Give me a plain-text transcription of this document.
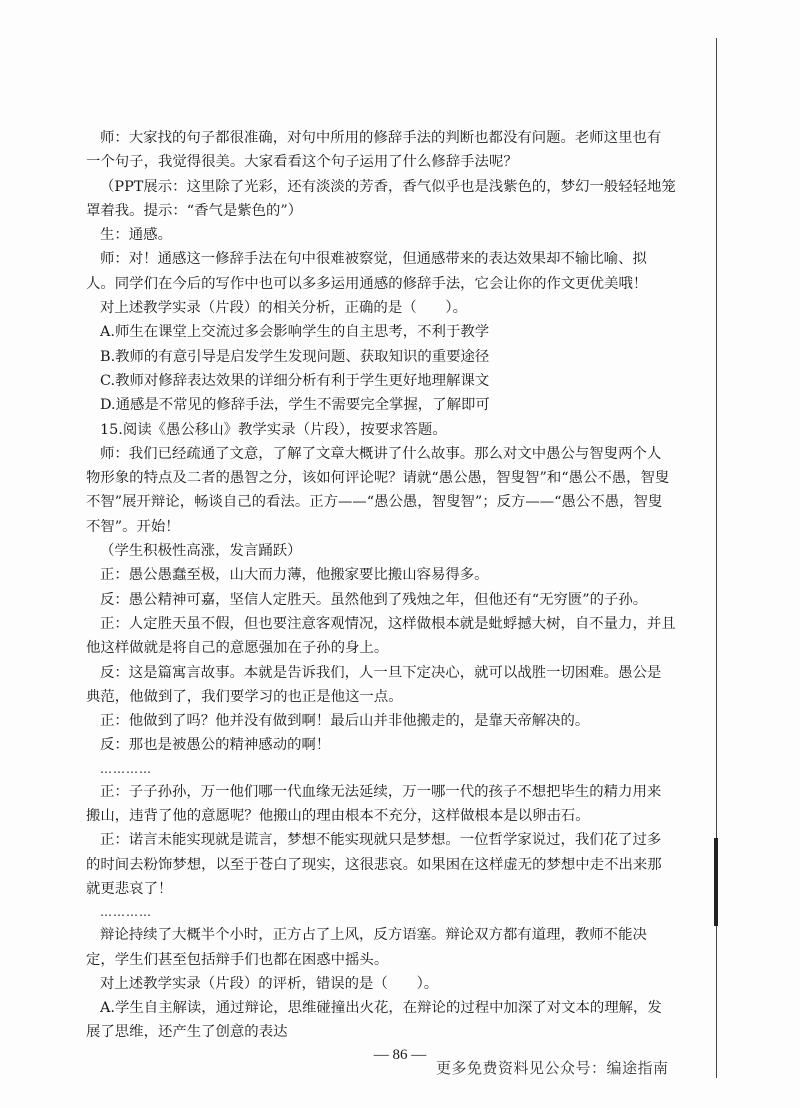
师：大家找的句子都很准确，对句中所用的修辞手法的判断也都没有问题。老师这里也有
一个句子，我觉得很美。大家看看这个句子运用了什么修辞手法呢？
（PPT展示：这里除了光彩，还有淡淡的芳香，香气似乎也是浅紫色的，梦幻一般轻轻地笼
罩着我。提示：“香气是紫色的”）
生：通感。
师：对！通感这一修辞手法在句中很难被察觉，但通感带来的表达效果却不输比喻、拟
人。同学们在今后的写作中也可以多多运用通感的修辞手法，它会让你的作文更优美哦！
对上述教学实录（片段）的相关分析，正确的是（　　）。
A.师生在课堂上交流过多会影响学生的自主思考，不利于教学
B.教师的有意引导是启发学生发现问题、获取知识的重要途径
C.教师对修辞表达效果的详细分析有利于学生更好地理解课文
D.通感是不常见的修辞手法，学生不需要完全掌握，了解即可
15.阅读《愚公移山》教学实录（片段），按要求答题。
师：我们已经疏通了文意，了解了文章大概讲了什么故事。那么对文中愚公与智叟两个人
物形象的特点及二者的愚智之分，该如何评论呢？请就“愚公愚，智叟智”和“愚公不愚，智叟
不智”展开辩论，畅谈自己的看法。正方——“愚公愚，智叟智”；反方——“愚公不愚，智叟
不智”。开始！
（学生积极性高涨，发言踊跃）
正：愚公愚蠢至极，山大而力薄，他搬家要比搬山容易得多。
反：愚公精神可嘉，坚信人定胜天。虽然他到了残烛之年，但他还有“无穷匮”的子孙。
正：人定胜天虽不假，但也要注意客观情况，这样做根本就是蚍蜉撼大树，自不量力，并且
他这样做就是将自己的意愿强加在子孙的身上。
反：这是篇寓言故事。本就是告诉我们，人一旦下定决心，就可以战胜一切困难。愚公是
典范，他做到了，我们要学习的也正是他这一点。
正：他做到了吗？他并没有做到啊！最后山并非他搬走的，是靠天帝解决的。
反：那也是被愚公的精神感动的啊！
…………
正：子子孙孙，万一他们哪一代血缘无法延续，万一哪一代的孩子不想把毕生的精力用来
搬山，违背了他的意愿呢？他搬山的理由根本不充分，这样做根本是以卵击石。
正：诺言未能实现就是谎言，梦想不能实现就只是梦想。一位哲学家说过，我们花了过多
的时间去粉饰梦想，以至于苍白了现实，这很悲哀。如果困在这样虚无的梦想中走不出来那
就更悲哀了！
…………
辩论持续了大概半个小时，正方占了上风，反方语塞。辩论双方都有道理，教师不能决
定，学生们甚至包括辩手们也都在困惑中摇头。
对上述教学实录（片段）的评析，错误的是（　　）。
A.学生自主解读，通过辩论，思维碰撞出火花，在辩论的过程中加深了对文本的理解，发
展了思维，还产生了创意的表达
— 86 —
更多免费资料见公众号：编途指南
